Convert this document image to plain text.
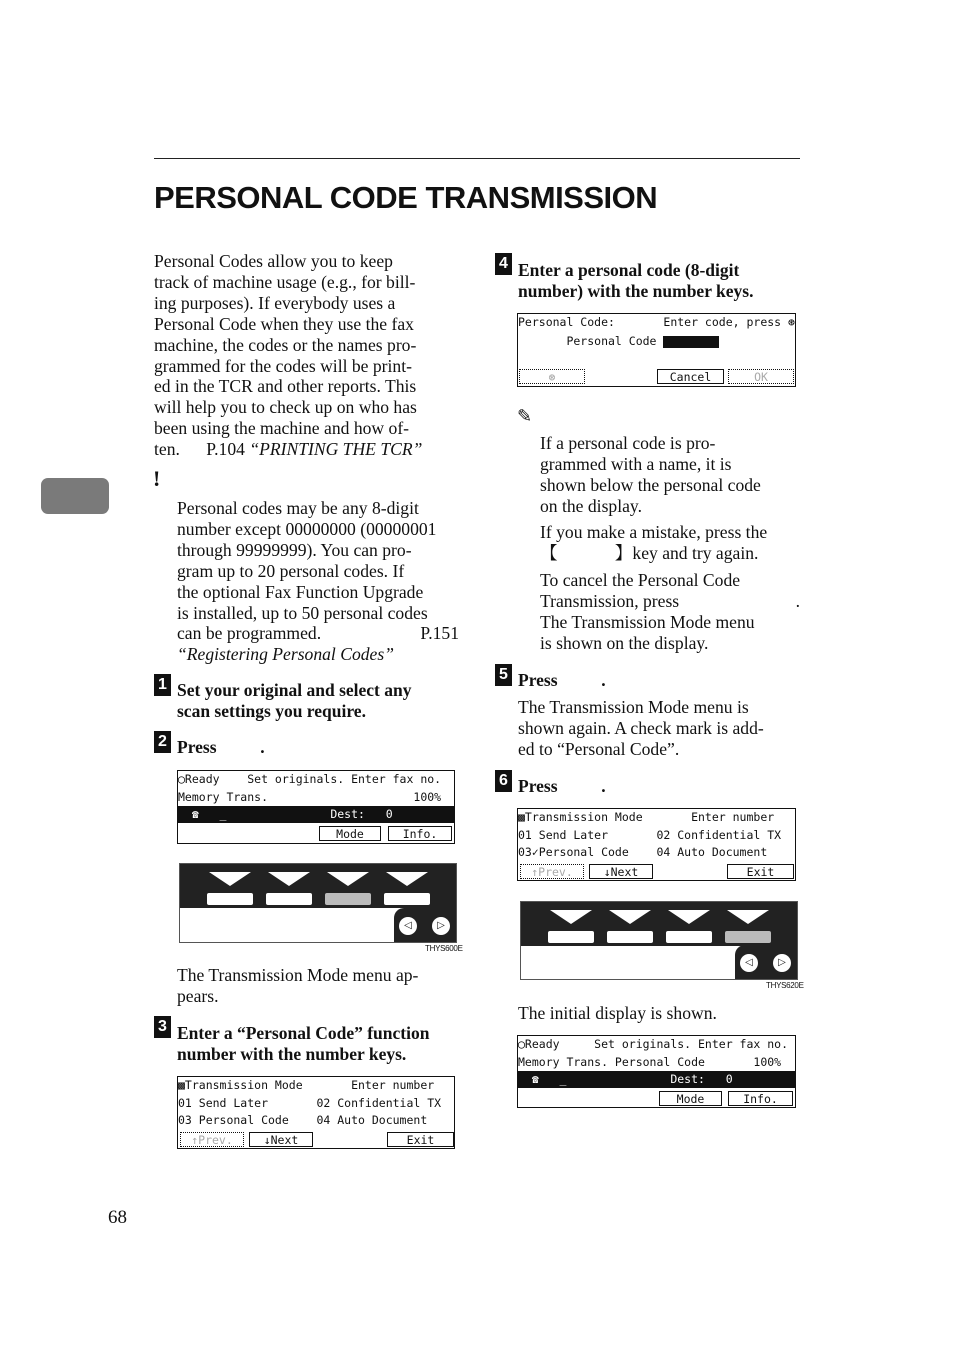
PERSONAL CODE TRANSMISSION
68
Personal Codes allow you to keep
track of machine usage (e.g., for bill-
ing purposes). If everybody uses a
Personal Code when they use the fax
machine, the codes or the names pro-
grammed for the codes will be print-
ed in the TCR and other reports. This
will help you to check up on who has
been using the machine and how of-
ten. P.104 “PRINTING THE TCR”
!
Personal codes may be any 8-digit
number except 00000000 (00000001
through 99999999). You can pro-
gram up to 20 personal codes. If
the optional Fax Function Upgrade
is installed, up to 50 personal codes
can be programmed.	P.151
“Registering Personal Codes”
1 Set your original and select any
scan settings you require.
2 Press          .
◯Ready    Set originals. Enter fax no.
Memory Trans.                     100%
☎   _               Dest:   0
Mode	Info.
◁	▷
THYS600E
The Transmission Mode menu ap-
pears.
3 Enter a “Personal Code” function
number with the number keys.
▩Transmission Mode       Enter number
01 Send Later       02 Confidential TX
03 Personal Code    04 Auto Document
↑Prev.	↓Next	Exit
4 Enter a personal code (8-digit
number) with the number keys.
Personal Code:       Enter code, press ⊛
Personal Code
⊛	Cancel	OK
✎
If a personal code is pro-
grammed with a name, it is
shown below the personal code
on the display.
If you make a mistake, press the
【	】key and try again.
To cancel the Personal Code
Transmission, press	.
The Transmission Mode menu
is shown on the display.
5 Press          .
The Transmission Mode menu is
shown again. A check mark is add-
ed to “Personal Code”.
6 Press          .
▩Transmission Mode       Enter number
01 Send Later       02 Confidential TX
03✓Personal Code    04 Auto Document
↑Prev.	↓Next	Exit
◁	▷
THYS620E
The initial display is shown.
◯Ready     Set originals. Enter fax no.
Memory Trans. Personal Code       100%
☎   _               Dest:   0
Mode	Info.
